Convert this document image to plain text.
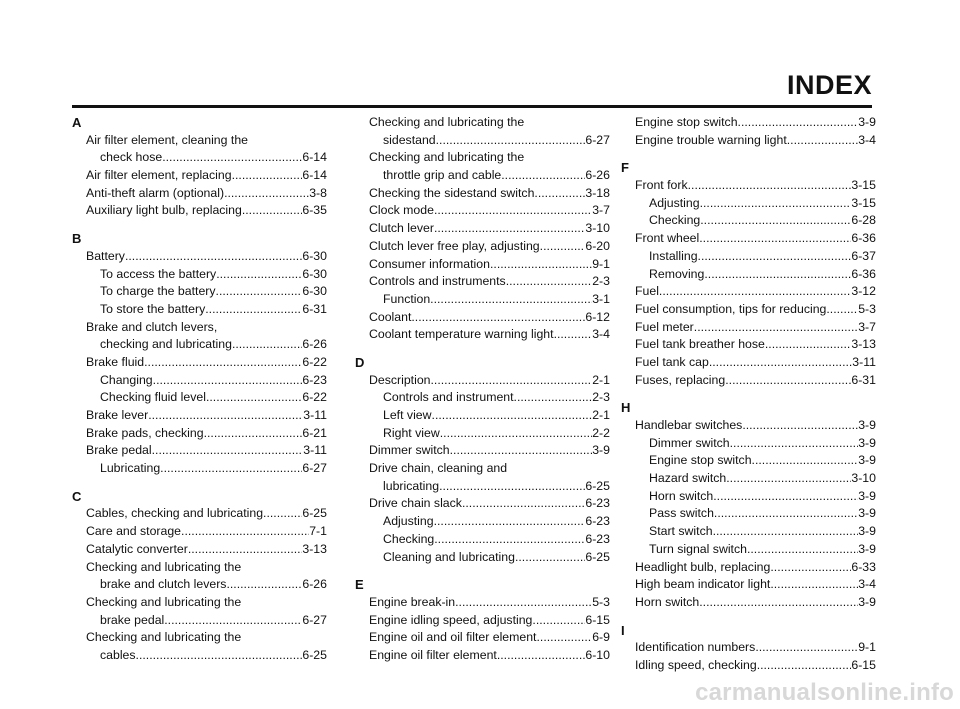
INDEX
A
Air filter element, cleaning the
check hose .....	6-14
Air filter element, replacing .....	6-14
Anti-theft alarm (optional) .....	3-8
Auxiliary light bulb, replacing .....	6-35
B
Battery .....	6-30
To access the battery .....	6-30
To charge the battery .....	6-30
To store the battery .....	6-31
Brake and clutch levers,
checking and lubricating .....	6-26
Brake fluid .....	6-22
Changing .....	6-23
Checking fluid level .....	6-22
Brake lever .....	3-11
Brake pads, checking .....	6-21
Brake pedal .....	3-11
Lubricating .....	6-27
C
Cables, checking and lubricating .....	6-25
Care and storage .....	7-1
Catalytic converter .....	3-13
Checking and lubricating the
brake and clutch levers .....	6-26
Checking and lubricating the
brake pedal .....	6-27
Checking and lubricating the
cables .....	6-25
Checking and lubricating the
sidestand .....	6-27
Checking and lubricating the
throttle grip and cable .....	6-26
Checking the sidestand switch .....	3-18
Clock mode .....	3-7
Clutch lever .....	3-10
Clutch lever free play, adjusting .....	6-20
Consumer information .....	9-1
Controls and instruments .....	2-3
Function .....	3-1
Coolant .....	6-12
Coolant temperature warning light .....	3-4
D
Description .....	2-1
Controls and instrument .....	2-3
Left view .....	2-1
Right view .....	2-2
Dimmer switch .....	3-9
Drive chain, cleaning and
lubricating .....	6-25
Drive chain slack .....	6-23
Adjusting .....	6-23
Checking .....	6-23
Cleaning and lubricating .....	6-25
E
Engine break-in .....	5-3
Engine idling speed, adjusting .....	6-15
Engine oil and oil filter element .....	6-9
Engine oil filter element .....	6-10
Engine stop switch .....	3-9
Engine trouble warning light .....	3-4
F
Front fork .....	3-15
Adjusting .....	3-15
Checking .....	6-28
Front wheel .....	6-36
Installing .....	6-37
Removing .....	6-36
Fuel .....	3-12
Fuel consumption, tips for reducing .....	5-3
Fuel meter .....	3-7
Fuel tank breather hose .....	3-13
Fuel tank cap .....	3-11
Fuses, replacing .....	6-31
H
Handlebar switches .....	3-9
Dimmer switch .....	3-9
Engine stop switch .....	3-9
Hazard switch .....	3-10
Horn switch .....	3-9
Pass switch .....	3-9
Start switch .....	3-9
Turn signal switch .....	3-9
Headlight bulb, replacing .....	6-33
High beam indicator light .....	3-4
Horn switch .....	3-9
I
Identification numbers .....	9-1
Idling speed, checking .....	6-15
carmanualsonline.info
